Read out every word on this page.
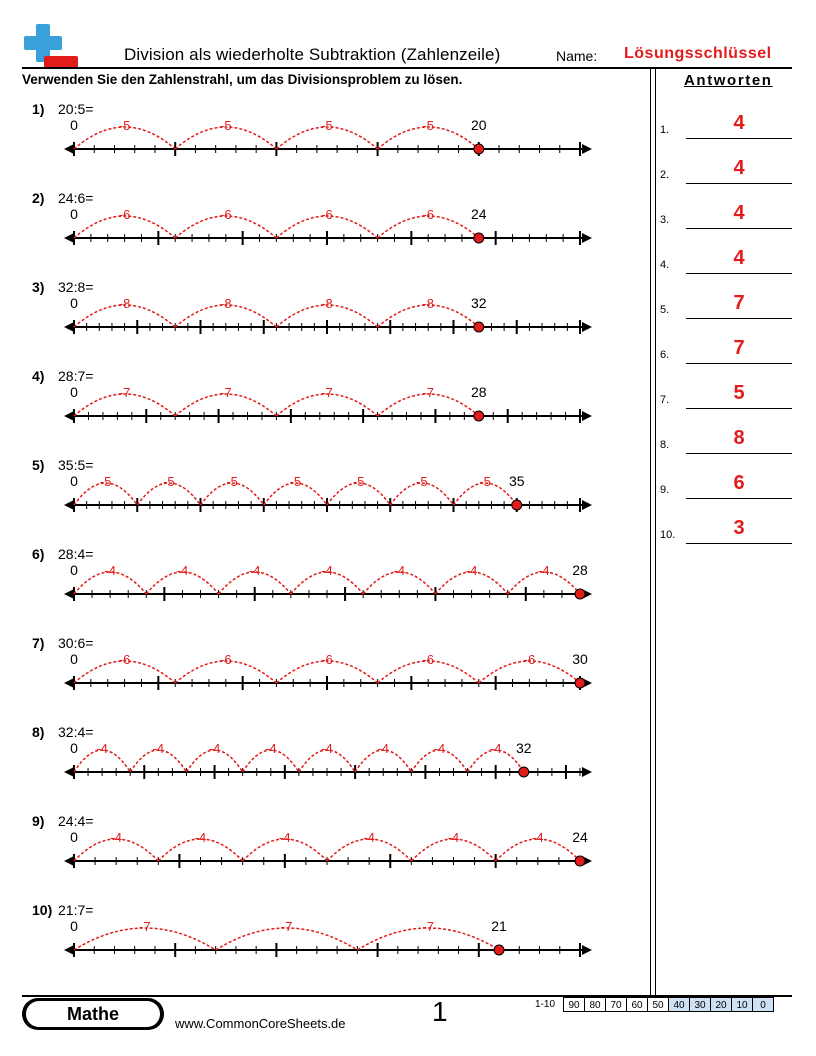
Division als wiederholte Subtraktion (Zahlenzeile)	Name: Lösungsschlüssel
Verwenden Sie den Zahlenstrahl, um das Divisionsproblem zu lösen.	Antworten
1.	4
2.	4
3.	4
4.	4
5.	7
6.	7
7.	5
8.	8
9.	6
10.	3
1) 20:5=
-5	-5	-5	-5
0	20
2) 24:6=
-6	-6	-6	-6
0	24
3) 32:8=
-8	-8	-8	-8
0	32
4) 28:7=
-7	-7	-7	-7
0	28
5) 35:5=
-5	-5	-5	-5	-5	-5	-5
0	35
6) 28:4=
-4	-4	-4	-4	-4	-4	-4
0	28
7) 30:6=
-6	-6	-6	-6	-6
0	30
8) 32:4=
-4	-4	-4	-4	-4	-4	-4	-4
0	32
9) 24:4=
-4	-4	-4	-4	-4	-4
0	24
10) 21:7=
-7	-7	-7
0	21
Mathe	www.CommonCoreSheets.de	1	1-10	90 80 70 60 50 40 30 20 10	0
